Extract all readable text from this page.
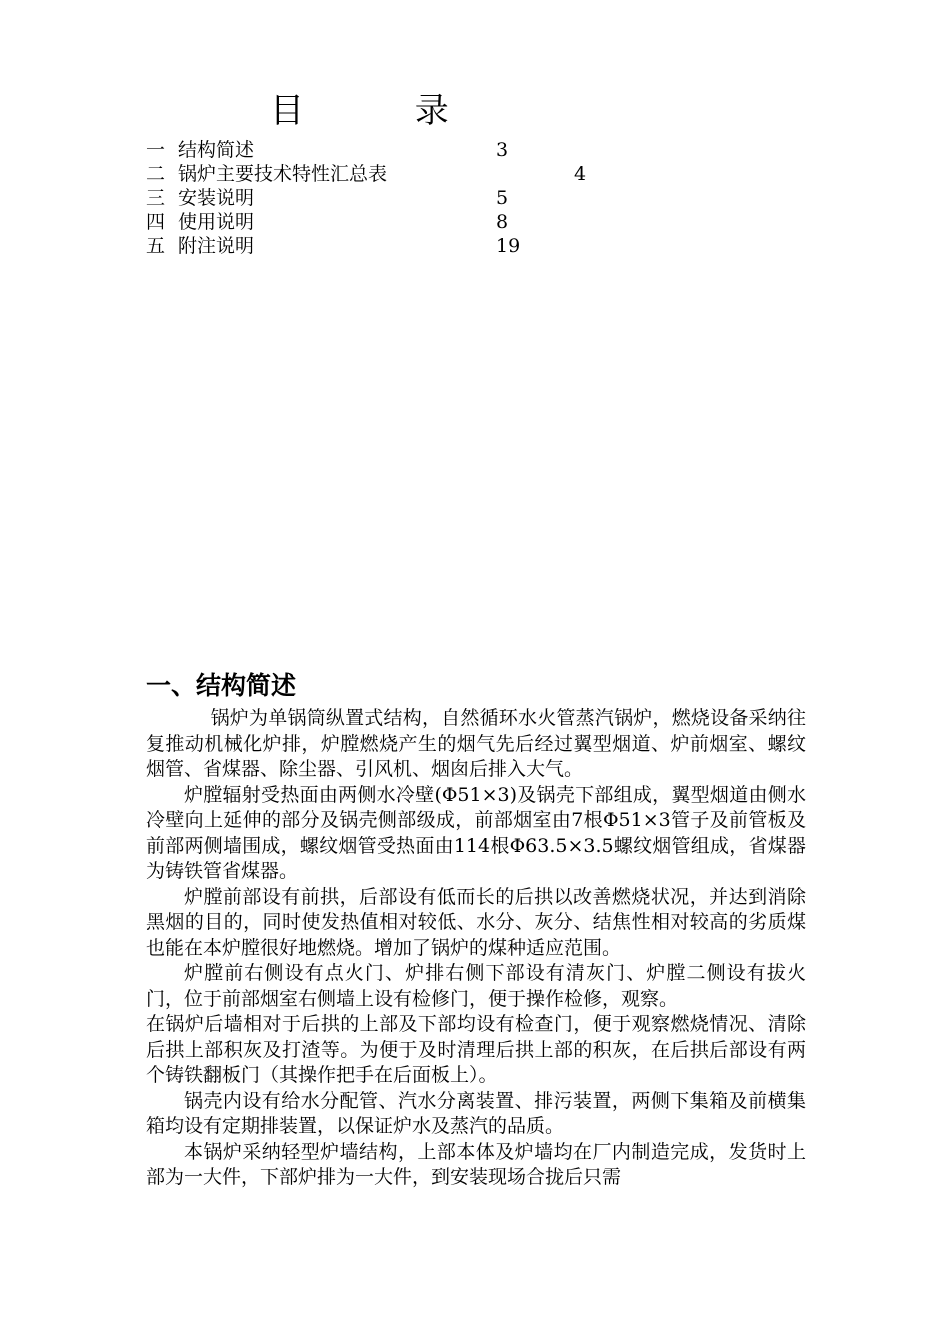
目 录
一 结构简述	3
二 锅炉主要技术特性汇总表	4
三 安装说明	5
四 使用说明	8
五 附注说明	19
一、结构简述

锅炉为单锅筒纵置式结构，自然循环水火管蒸汽锅炉，燃烧设备采纳往复推动机械化炉排，炉膛燃烧产生的烟气先后经过翼型烟道、炉前烟室、螺纹烟管、省煤器、除尘器、引风机、烟囱后排入大气。

炉膛辐射受热面由两侧水冷壁(Φ51×3)及锅壳下部组成，翼型烟道由侧水冷壁向上延伸的部分及锅壳侧部级成，前部烟室由7根Φ51×3管子及前管板及前部两侧墙围成，螺纹烟管受热面由114根Φ63.5×3.5螺纹烟管组成，省煤器为铸铁管省煤器。

炉膛前部设有前拱，后部设有低而长的后拱以改善燃烧状况，并达到消除黑烟的目的，同时使发热值相对较低、水分、灰分、结焦性相对较高的劣质煤也能在本炉膛很好地燃烧。增加了锅炉的煤种适应范围。

炉膛前右侧设有点火门、炉排右侧下部设有清灰门、炉膛二侧设有拔火门，位于前部烟室右侧墙上设有检修门，便于操作检修，观察。

在锅炉后墙相对于后拱的上部及下部均设有检查门，便于观察燃烧情况、清除后拱上部积灰及打渣等。为便于及时清理后拱上部的积灰，在后拱后部设有两个铸铁翻板门（其操作把手在后面板上）。

锅壳内设有给水分配管、汽水分离装置、排污装置，两侧下集箱及前横集箱均设有定期排装置，以保证炉水及蒸汽的品质。

本锅炉采纳轻型炉墙结构，上部本体及炉墙均在厂内制造完成，发货时上部为一大件，下部炉排为一大件，到安装现场合拢后只需
